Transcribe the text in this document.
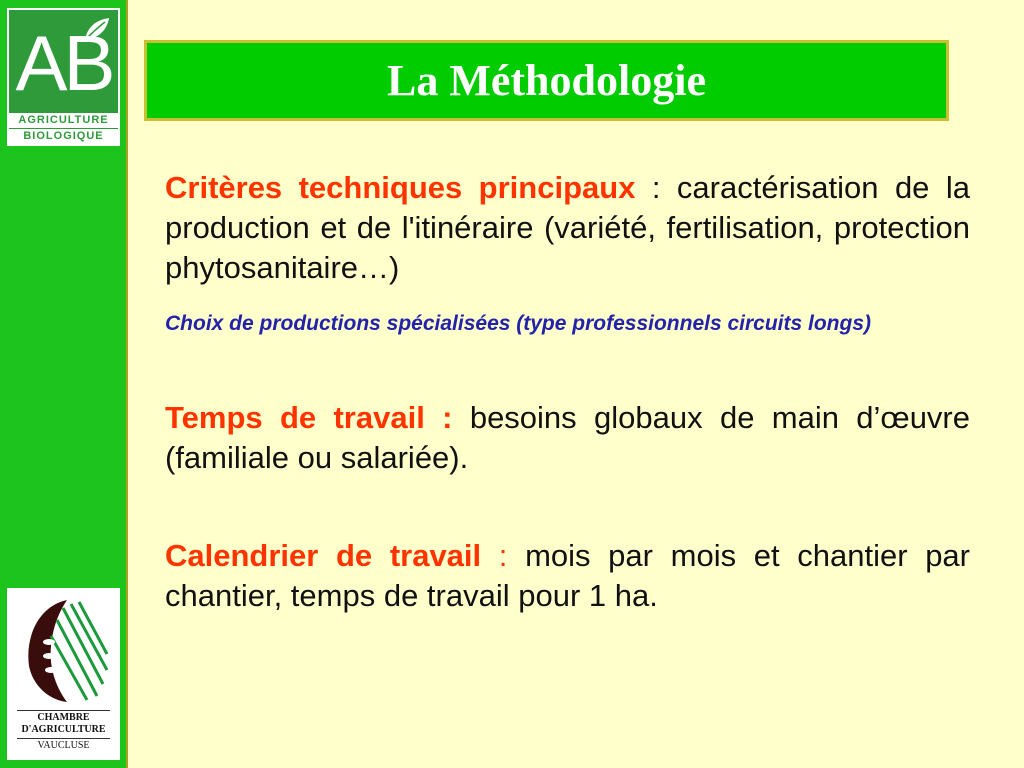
AB
AGRICULTURE
BIOLOGIQUE
CHAMBRE
D'AGRICULTURE
VAUCLUSE
La Méthodologie

Critères techniques principaux : caractérisation de la production et de l'itinéraire (variété, fertilisation, protection phytosanitaire…)

Choix de productions spécialisées (type professionnels circuits longs)

Temps de travail : besoins globaux de main d’œuvre (familiale ou salariée).

Calendrier de travail : mois par mois et chantier par chantier, temps de travail pour 1 ha.
